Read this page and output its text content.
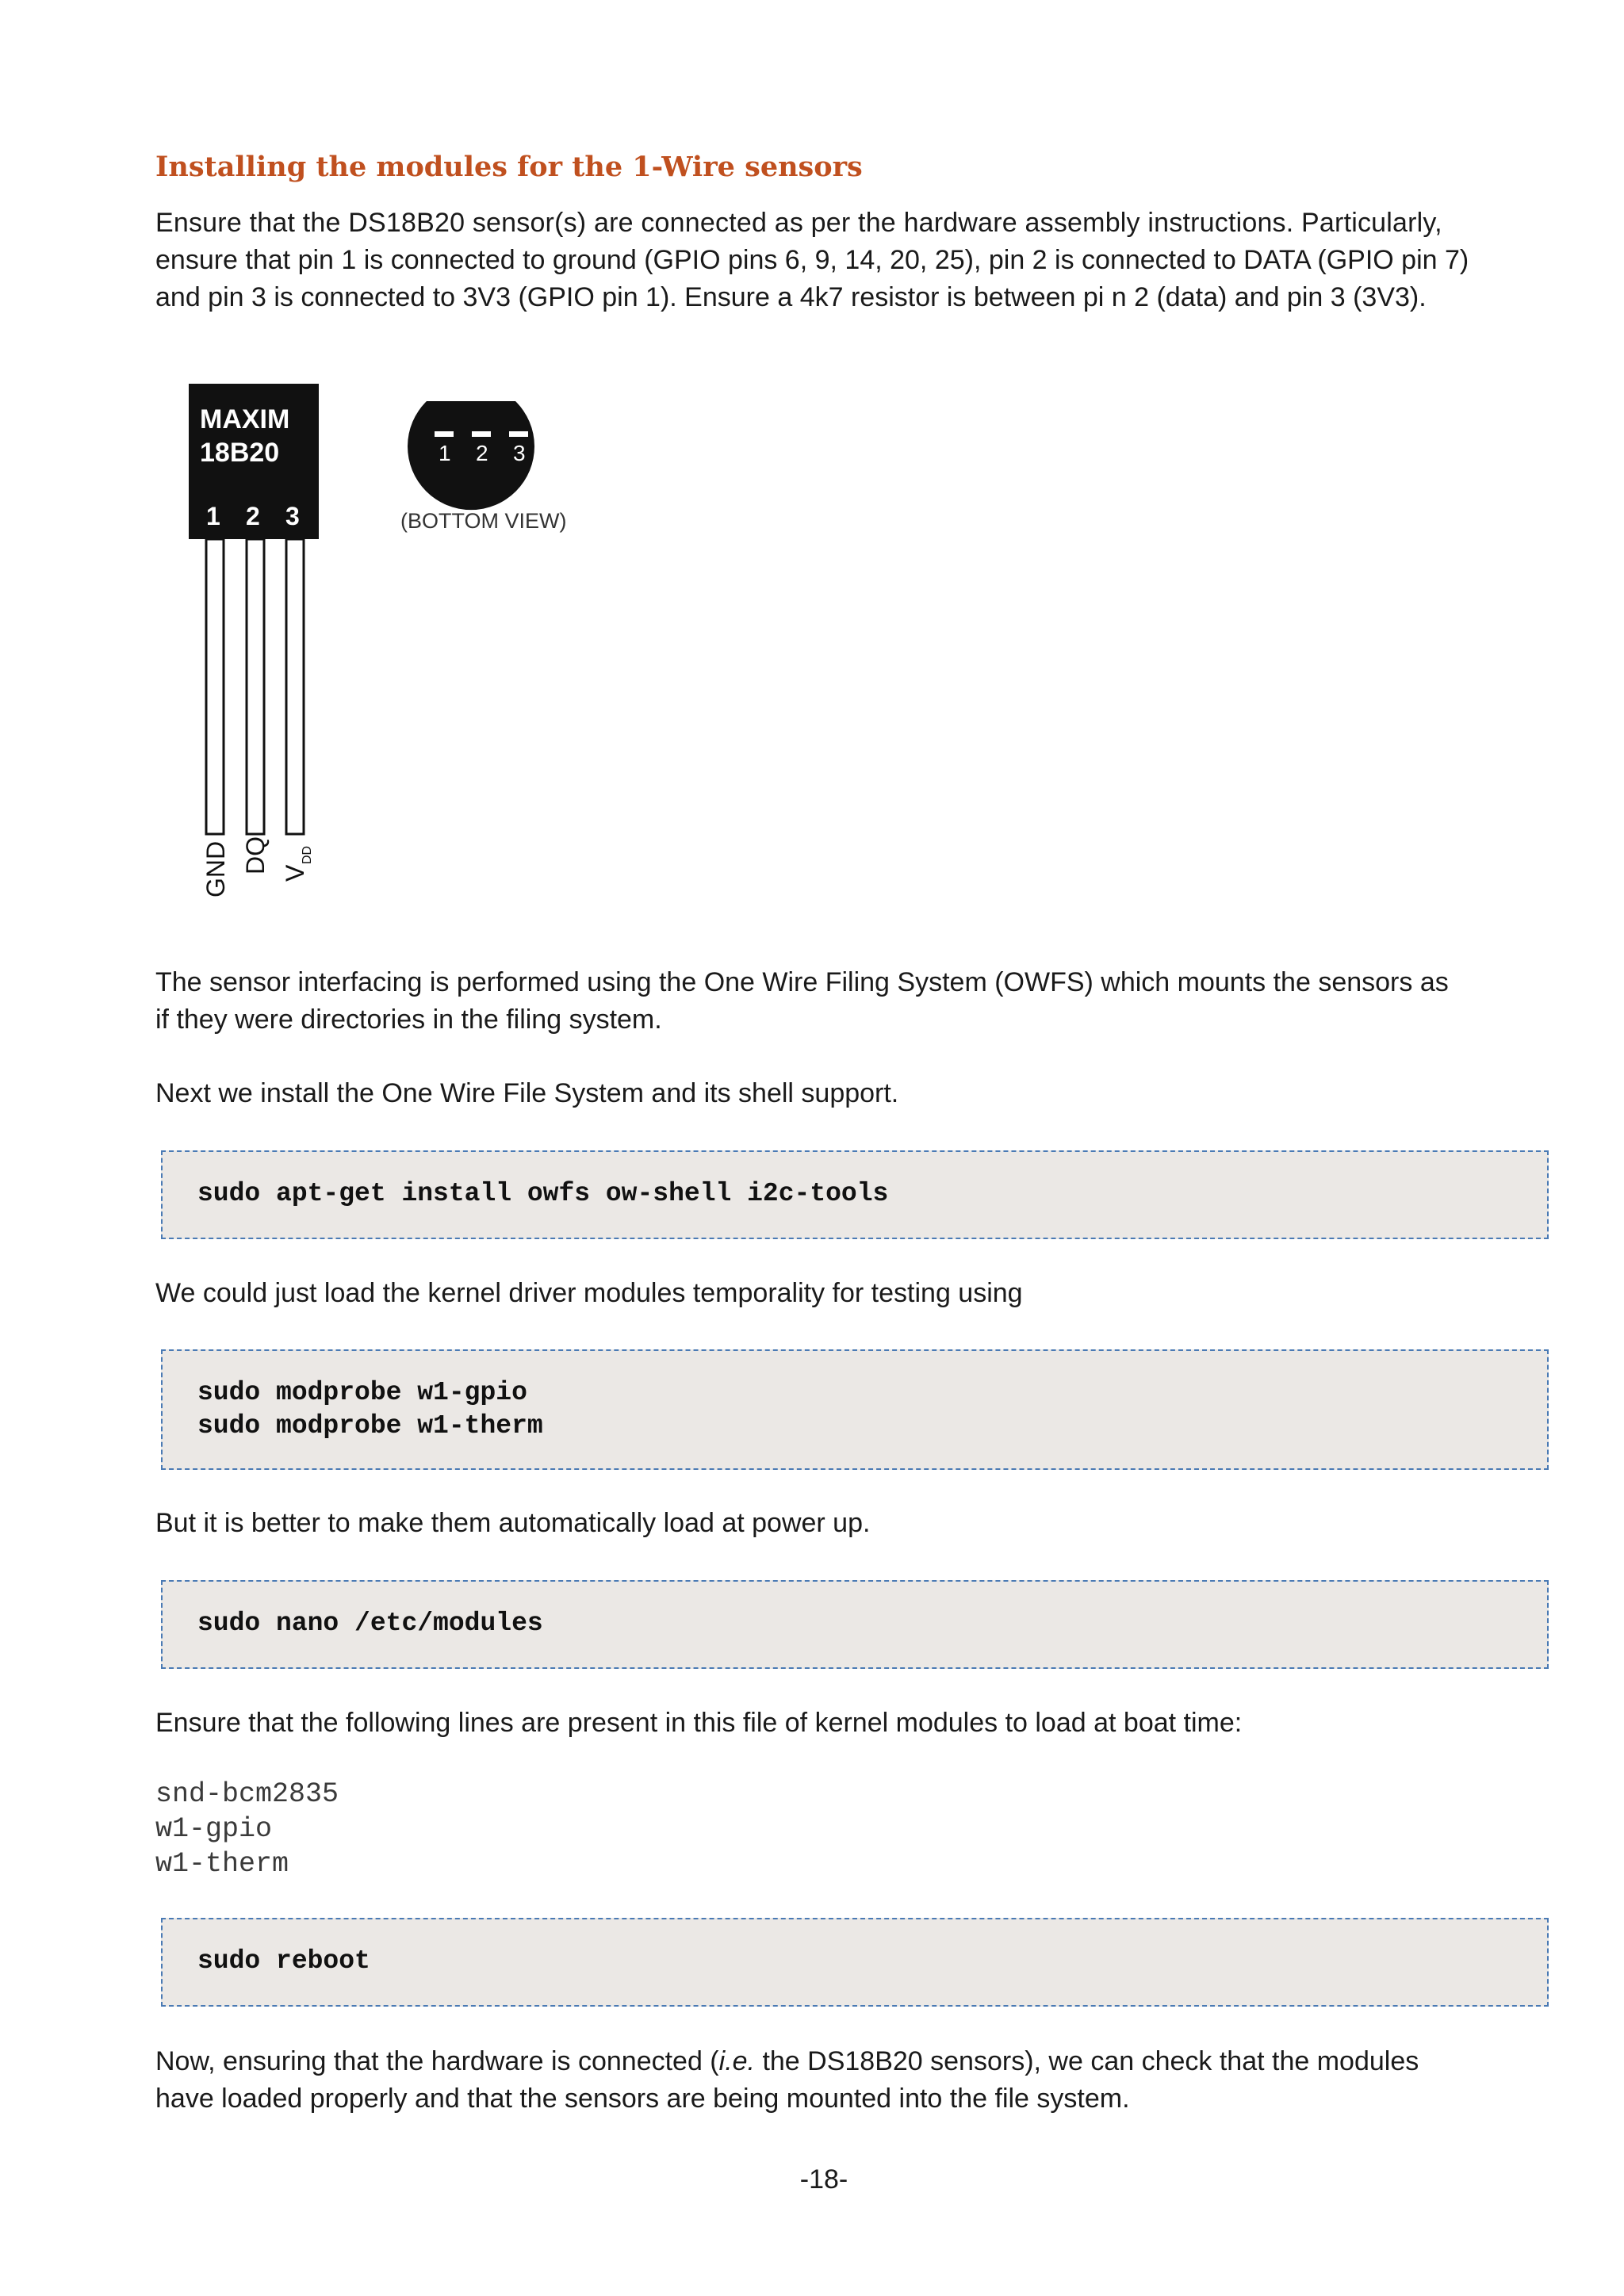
Installing the modules for the 1-Wire sensors

Ensure that the DS18B20 sensor(s) are connected as per the hardware assembly instructions. Particularly,
ensure that pin 1 is connected to ground (GPIO pins 6, 9, 14, 20, 25), pin 2 is connected to DATA (GPIO pin 7)
and pin 3 is connected to 3V3 (GPIO pin 1). Ensure a 4k7 resistor is between pi n 2 (data) and pin 3 (3V3).

MAXIM
18B20
1 2 3
GND DQ V
DD
1 2 3
(BOTTOM VIEW)

The sensor interfacing is performed using the One Wire Filing System (OWFS) which mounts the sensors as
if they were directories in the filing system.

Next we install the One Wire File System and its shell support.

sudo apt-get install owfs ow-shell i2c-tools

We could just load the kernel driver modules temporality for testing using

sudo modprobe w1-gpio
sudo modprobe w1-therm

But it is better to make them automatically load at power up.

sudo nano /etc/modules

Ensure that the following lines are present in this file of kernel modules to load at boat time:

snd-bcm2835
w1-gpio
w1-therm
sudo reboot

Now, ensuring that the hardware is connected (i.e. the DS18B20 sensors), we can check that the modules
have loaded properly and that the sensors are being mounted into the file system.

-18-
